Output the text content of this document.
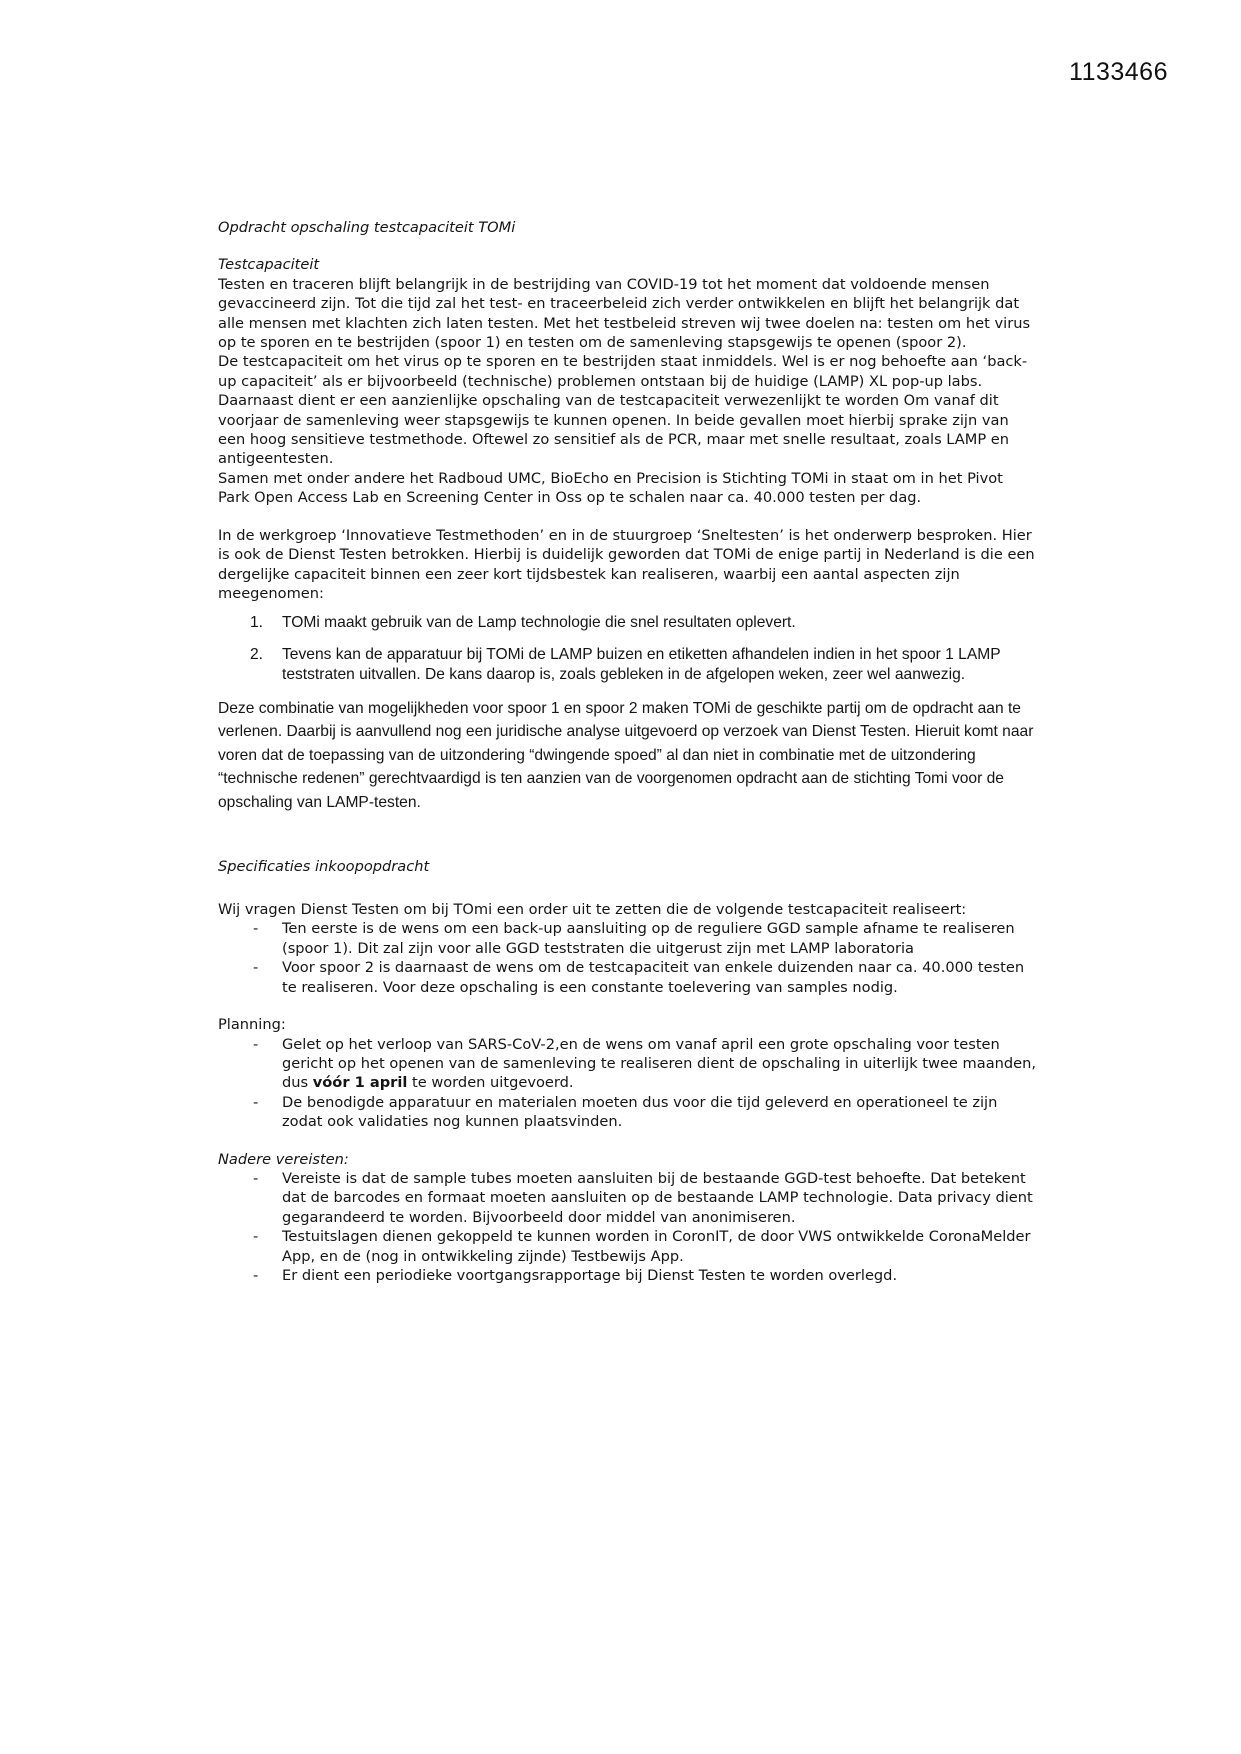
1133466

Opdracht opschaling testcapaciteit TOMi

Testcapaciteit

Testen en traceren blijft belangrijk in de bestrijding van COVID-19 tot het moment dat voldoende mensen gevaccineerd zijn. Tot die tijd zal het test- en traceerbeleid zich verder ontwikkelen en blijft het belangrijk dat alle mensen met klachten zich laten testen. Met het testbeleid streven wij twee doelen na: testen om het virus op te sporen en te bestrijden (spoor 1) en testen om de samenleving stapsgewijs te openen (spoor 2).

De testcapaciteit om het virus op te sporen en te bestrijden staat inmiddels. Wel is er nog behoefte aan ‘back-up capaciteit’ als er bijvoorbeeld (technische) problemen ontstaan bij de huidige (LAMP) XL pop-up labs. Daarnaast dient er een aanzienlijke opschaling van de testcapaciteit verwezenlijkt te worden Om vanaf dit voorjaar de samenleving weer stapsgewijs te kunnen openen. In beide gevallen moet hierbij sprake zijn van een hoog sensitieve testmethode. Oftewel zo sensitief als de PCR, maar met snelle resultaat, zoals LAMP en antigeentesten.

Samen met onder andere het Radboud UMC, BioEcho en Precision is Stichting TOMi in staat om in het Pivot Park Open Access Lab en Screening Center in Oss op te schalen naar ca. 40.000 testen per dag.

In de werkgroep ‘Innovatieve Testmethoden’ en in de stuurgroep ‘Sneltesten’ is het onderwerp besproken. Hier is ook de Dienst Testen betrokken. Hierbij is duidelijk geworden dat TOMi de enige partij in Nederland is die een dergelijke capaciteit binnen een zeer kort tijdsbestek kan realiseren, waarbij een aantal aspecten zijn meegenomen:

1. TOMi maakt gebruik van de Lamp technologie die snel resultaten oplevert.
2. Tevens kan de apparatuur bij TOMi de LAMP buizen en etiketten afhandelen indien in het spoor 1 LAMP teststraten uitvallen. De kans daarop is, zoals gebleken in de afgelopen weken, zeer wel aanwezig.

Deze combinatie van mogelijkheden voor spoor 1 en spoor 2 maken TOMi de geschikte partij om de opdracht aan te verlenen. Daarbij is aanvullend nog een juridische analyse uitgevoerd op verzoek van Dienst Testen. Hieruit komt naar voren dat de toepassing van de uitzondering “dwingende spoed” al dan niet in combinatie met de uitzondering “technische redenen” gerechtvaardigd is ten aanzien van de voorgenomen opdracht aan de stichting Tomi voor de opschaling van LAMP-testen.

Specificaties inkoopopdracht

Wij vragen Dienst Testen om bij TOmi een order uit te zetten die de volgende testcapaciteit realiseert:

- Ten eerste is de wens om een back-up aansluiting op de reguliere GGD sample afname te realiseren (spoor 1). Dit zal zijn voor alle GGD teststraten die uitgerust zijn met LAMP laboratoria
- Voor spoor 2 is daarnaast de wens om de testcapaciteit van enkele duizenden naar ca. 40.000 testen te realiseren. Voor deze opschaling is een constante toelevering van samples nodig.

Planning:

- Gelet op het verloop van SARS-CoV-2,en de wens om vanaf april een grote opschaling voor testen gericht op het openen van de samenleving te realiseren dient de opschaling in uiterlijk twee maanden, dus vóór 1 april te worden uitgevoerd.
- De benodigde apparatuur en materialen moeten dus voor die tijd geleverd en operationeel te zijn zodat ook validaties nog kunnen plaatsvinden.

Nadere vereisten:

- Vereiste is dat de sample tubes moeten aansluiten bij de bestaande GGD-test behoefte. Dat betekent dat de barcodes en formaat moeten aansluiten op de bestaande LAMP technologie. Data privacy dient gegarandeerd te worden. Bijvoorbeeld door middel van anonimiseren.
- Testuitslagen dienen gekoppeld te kunnen worden in CoronIT, de door VWS ontwikkelde CoronaMelder App, en de (nog in ontwikkeling zijnde) Testbewijs App.
- Er dient een periodieke voortgangsrapportage bij Dienst Testen te worden overlegd.
